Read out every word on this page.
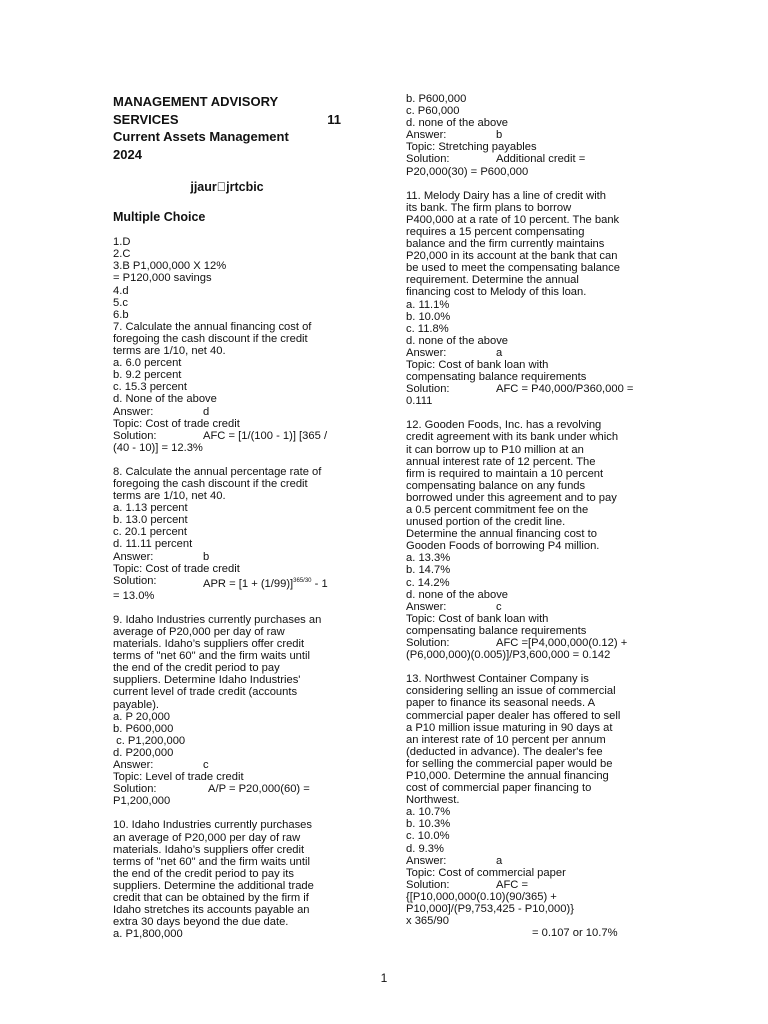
MANAGEMENT ADVISORY
SERVICES	11
Current Assets Management
2024
jjaur jrtcbic
Multiple Choice
1.D
2.C
3.B P1,000,000 X 12%
= P120,000 savings
4.d
5.c
6.b
7. Calculate the annual financing cost of
foregoing the cash discount if the credit
terms are 1/10, net 40.
a. 6.0 percent
b. 9.2 percent
c. 15.3 percent
d. None of the above
Answer:	d
Topic: Cost of trade credit
Solution:	AFC = [1/(100 - 1)] [365 /
(40 - 10)] = 12.3%
8. Calculate the annual percentage rate of
foregoing the cash discount if the credit
terms are 1/10, net 40.
a. 1.13 percent
b. 13.0 percent
c. 20.1 percent
d. 11.11 percent
Answer:	b
Topic: Cost of trade credit
Solution:	APR = $[1 + (1/99)]^{365/30} - 1$
= 13.0%
9. Idaho Industries currently purchases an
average of P20,000 per day of raw
materials. Idaho’s suppliers offer credit
terms of "net 60" and the firm waits until
the end of the credit period to pay
suppliers. Determine Idaho Industries'
current level of trade credit (accounts
payable).
a. P 20,000
b. P600,000
c. P1,200,000
d. P200,000
Answer:	c
Topic: Level of trade credit
Solution:	A/P = P20,000(60) =
P1,200,000
10. Idaho Industries currently purchases
an average of P20,000 per day of raw
materials. Idaho’s suppliers offer credit
terms of "net 60" and the firm waits until
the end of the credit period to pay its
suppliers. Determine the additional trade
credit that can be obtained by the firm if
Idaho stretches its accounts payable an
extra 30 days beyond the due date.
a. P1,800,000
b. P600,000
c. P60,000
d. none of the above
Answer:	b
Topic: Stretching payables
Solution:	Additional credit =
P20,000(30) = P600,000
11. Melody Dairy has a line of credit with
its bank. The firm plans to borrow
P400,000 at a rate of 10 percent. The bank
requires a 15 percent compensating
balance and the firm currently maintains
P20,000 in its account at the bank that can
be used to meet the compensating balance
requirement. Determine the annual
financing cost to Melody of this loan.
a. 11.1%
b. 10.0%
c. 11.8%
d. none of the above
Answer:	a
Topic: Cost of bank loan with
compensating balance requirements
Solution:	AFC = P40,000/P360,000 =
0.111
12. Gooden Foods, Inc. has a revolving
credit agreement with its bank under which
it can borrow up to P10 million at an
annual interest rate of 12 percent. The
firm is required to maintain a 10 percent
compensating balance on any funds
borrowed under this agreement and to pay
a 0.5 percent commitment fee on the
unused portion of the credit line.
Determine the annual financing cost to
Gooden Foods of borrowing P4 million.
a. 13.3%
b. 14.7%
c. 14.2%
d. none of the above
Answer:	c
Topic: Cost of bank loan with
compensating balance requirements
Solution:	AFC =[P4,000,000(0.12) +
(P6,000,000)(0.005)]/P3,600,000 = 0.142
13. Northwest Container Company is
considering selling an issue of commercial
paper to finance its seasonal needs. A
commercial paper dealer has offered to sell
a P10 million issue maturing in 90 days at
an interest rate of 10 percent per annum
(deducted in advance). The dealer's fee
for selling the commercial paper would be
P10,000. Determine the annual financing
cost of commercial paper financing to
Northwest.
a. 10.7%
b. 10.3%
c. 10.0%
d. 9.3%
Answer:	a
Topic: Cost of commercial paper
Solution:	AFC =
{[P10,000,000(0.10)(90/365) +
P10,000]/(P9,753,425 - P10,000)}
x 365/90
= 0.107 or 10.7%
1
